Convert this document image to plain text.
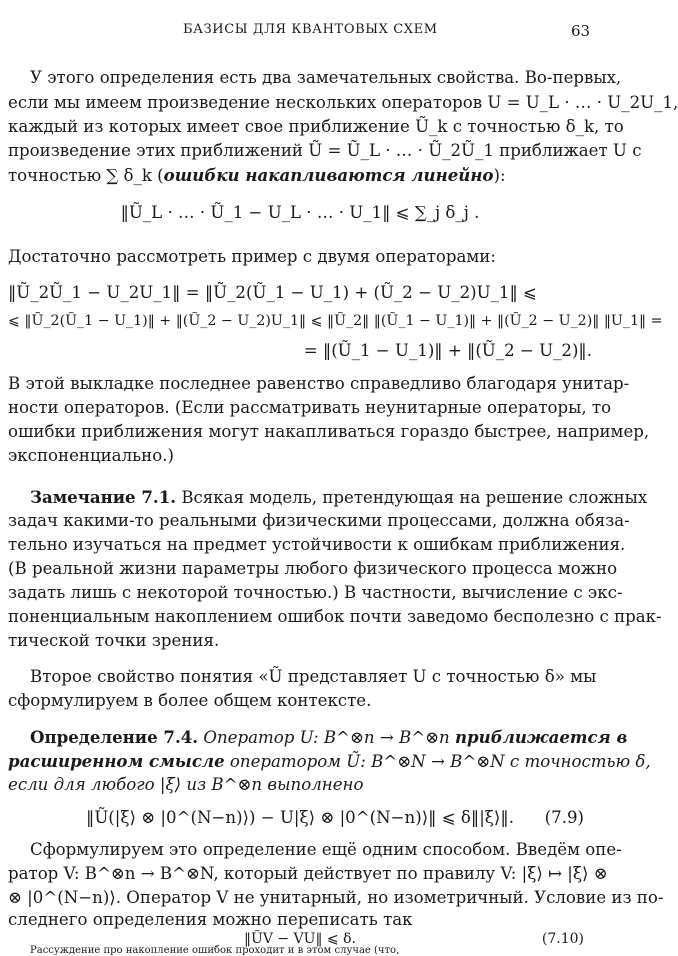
БАЗИСЫ ДЛЯ КВАНТОВЫХ СХЕМ	63
У этого определения есть два замечательных свойства. Во-первых,
если мы имеем произведение нескольких операторов U = U_L · … · U_2U_1,
каждый из которых имеет свое приближение Ũ_k с точностью δ_k, то
произведение этих приближений Ũ = Ũ_L · … · Ũ_2Ũ_1 приближает U с
точностью ∑ δ_k (ошибки накапливаются линейно):
‖Ũ_L · … · Ũ_1 − U_L · … · U_1‖ ⩽ ∑_j δ_j .
Достаточно рассмотреть пример с двумя операторами:
‖Ũ_2Ũ_1 − U_2U_1‖ = ‖Ũ_2(Ũ_1 − U_1) + (Ũ_2 − U_2)U_1‖ ⩽
⩽ ‖Ũ_2(Ũ_1 − U_1)‖ + ‖(Ũ_2 − U_2)U_1‖ ⩽ ‖Ũ_2‖ ‖(Ũ_1 − U_1)‖ + ‖(Ũ_2 − U_2)‖ ‖U_1‖ =
= ‖(Ũ_1 − U_1)‖ + ‖(Ũ_2 − U_2)‖.
В этой выкладке последнее равенство справедливо благодаря унитар-
ности операторов. (Если рассматривать неунитарные операторы, то
ошибки приближения могут накапливаться гораздо быстрее, например,
экспоненциально.)
Замечание 7.1. Всякая модель, претендующая на решение сложных
задач какими-то реальными физическими процессами, должна обяза-
тельно изучаться на предмет устойчивости к ошибкам приближения.
(В реальной жизни параметры любого физического процесса можно
задать лишь с некоторой точностью.) В частности, вычисление с экс-
поненциальным накоплением ошибок почти заведомо бесполезно с прак-
тической точки зрения.
Второе свойство понятия «Ũ представляет U с точностью δ» мы
сформулируем в более общем контексте.
Определение 7.4. Оператор U: B^⊗n → B^⊗n приближается в
расширенном смысле оператором Ũ: B^⊗N → B^⊗N с точностью δ,
если для любого |ξ⟩ из B^⊗n выполнено
‖Ũ(|ξ⟩ ⊗ |0^(N−n)⟩) − U|ξ⟩ ⊗ |0^(N−n)⟩‖ ⩽ δ‖|ξ⟩‖. (7.9)
Сформулируем это определение ещё одним способом. Введём опе-
ратор V: B^⊗n → B^⊗N, который действует по правилу V: |ξ⟩ ↦ |ξ⟩ ⊗
⊗ |0^(N−n)⟩. Оператор V не унитарный, но изометричный. Условие из по-
следнего определения можно переписать так
‖ŨV − VU‖ ⩽ δ.	(7.10)
Рассуждение про накопление ошибок проходит и в этом случае (что,
